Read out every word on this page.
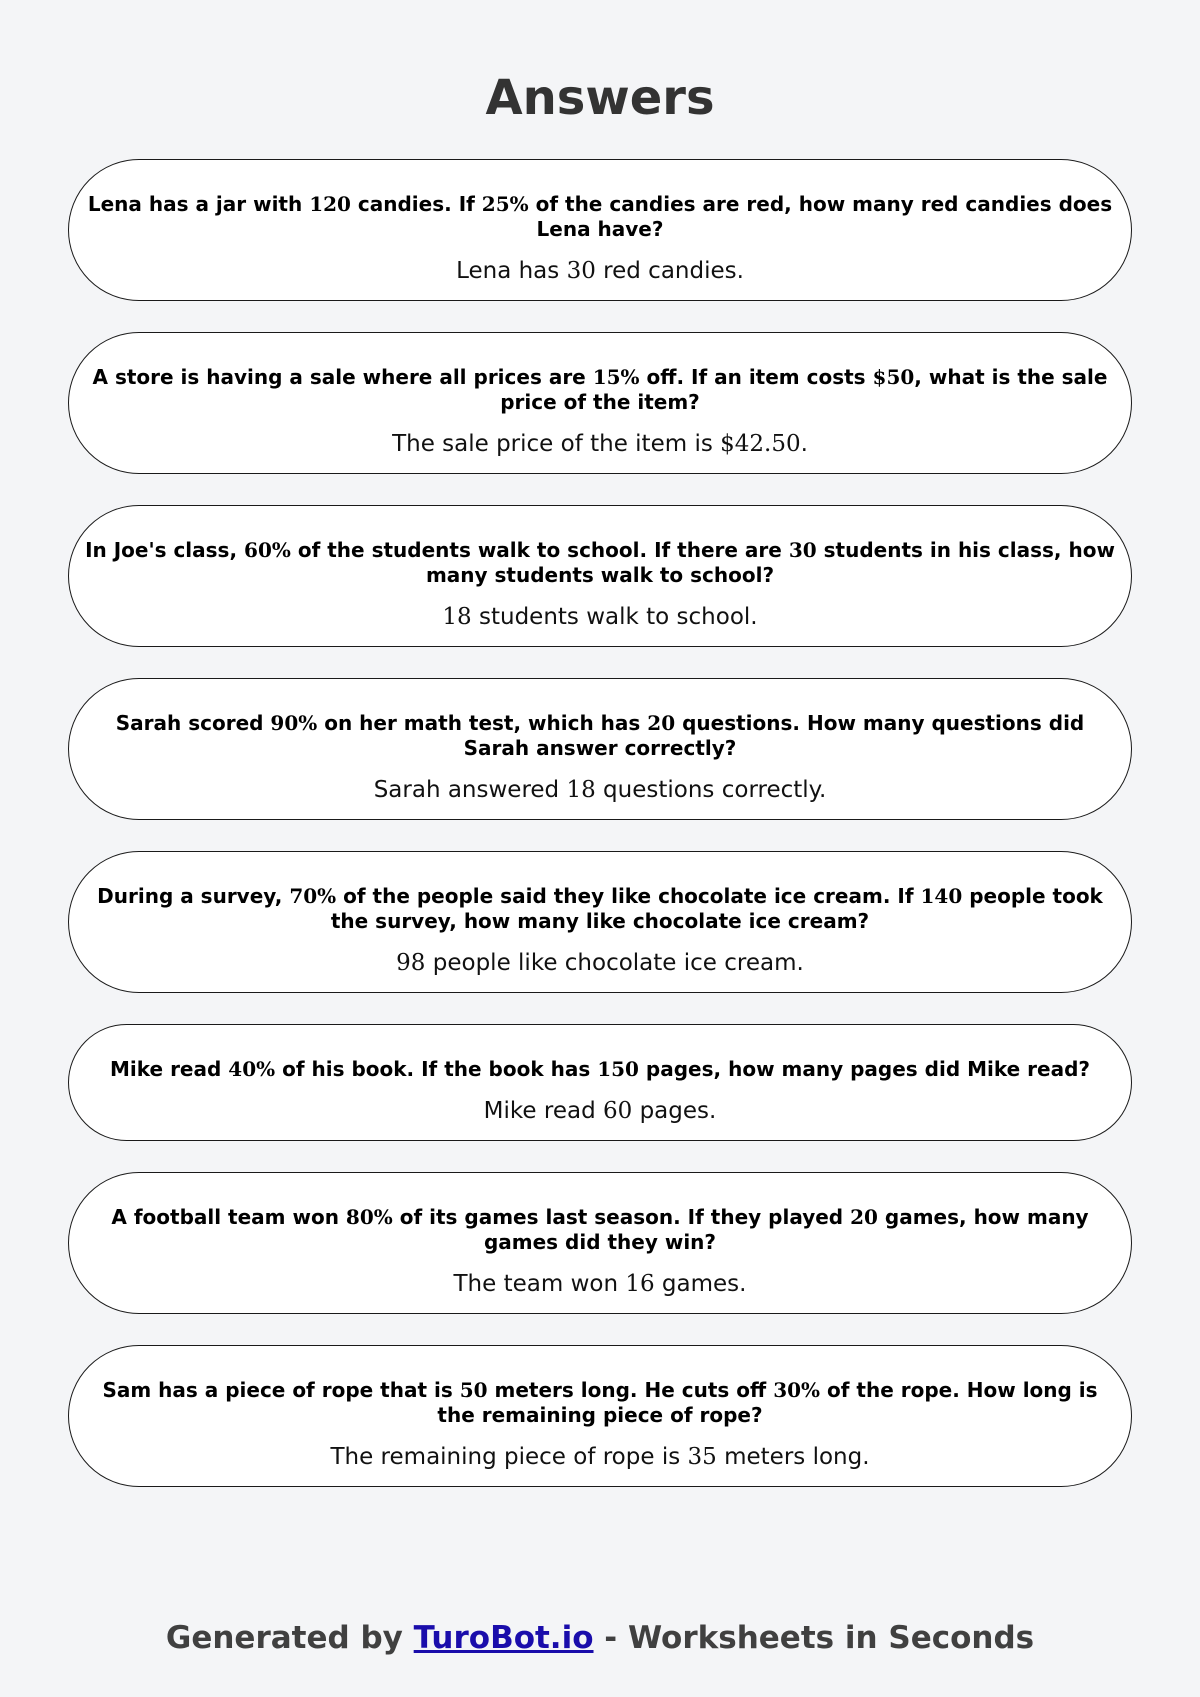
Answers

Lena has a jar with 120 candies. If 25% of the candies are red, how many red candies does Lena have?

Lena has 30 red candies.

A store is having a sale where all prices are 15% off. If an item costs $50, what is the sale price of the item?

The sale price of the item is $42.50.

In Joe's class, 60% of the students walk to school. If there are 30 students in his class, how many students walk to school?

18 students walk to school.

Sarah scored 90% on her math test, which has 20 questions. How many questions did Sarah answer correctly?

Sarah answered 18 questions correctly.

During a survey, 70% of the people said they like chocolate ice cream. If 140 people took the survey, how many like chocolate ice cream?

98 people like chocolate ice cream.

Mike read 40% of his book. If the book has 150 pages, how many pages did Mike read?

Mike read 60 pages.

A football team won 80% of its games last season. If they played 20 games, how many games did they win?

The team won 16 games.

Sam has a piece of rope that is 50 meters long. He cuts off 30% of the rope. How long is the remaining piece of rope?

The remaining piece of rope is 35 meters long.

Generated by TuroBot.io - Worksheets in Seconds
